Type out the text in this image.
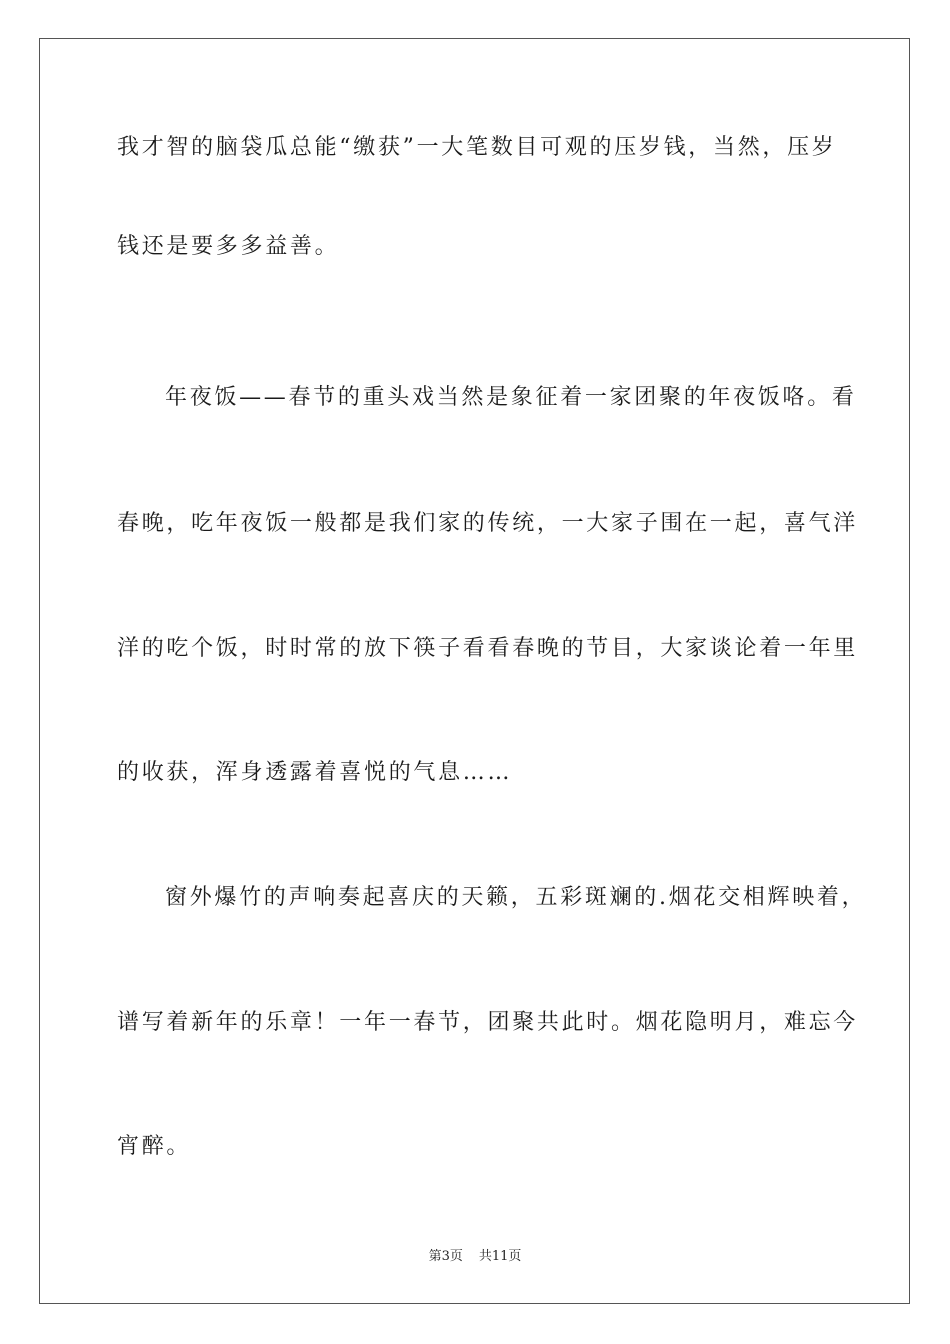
我才智的脑袋瓜总能“缴获”一大笔数目可观的压岁钱，当然，压岁
钱还是要多多益善。
年夜饭——春节的重头戏当然是象征着一家团聚的年夜饭咯。看
春晚，吃年夜饭一般都是我们家的传统，一大家子围在一起，喜气洋
洋的吃个饭，时时常的放下筷子看看春晚的节目，大家谈论着一年里
的收获，浑身透露着喜悦的气息……
窗外爆竹的声响奏起喜庆的天籁，五彩斑斓的.烟花交相辉映着，
谱写着新年的乐章！一年一春节，团聚共此时。烟花隐明月，难忘今
宵醉。
第3页 共11页
